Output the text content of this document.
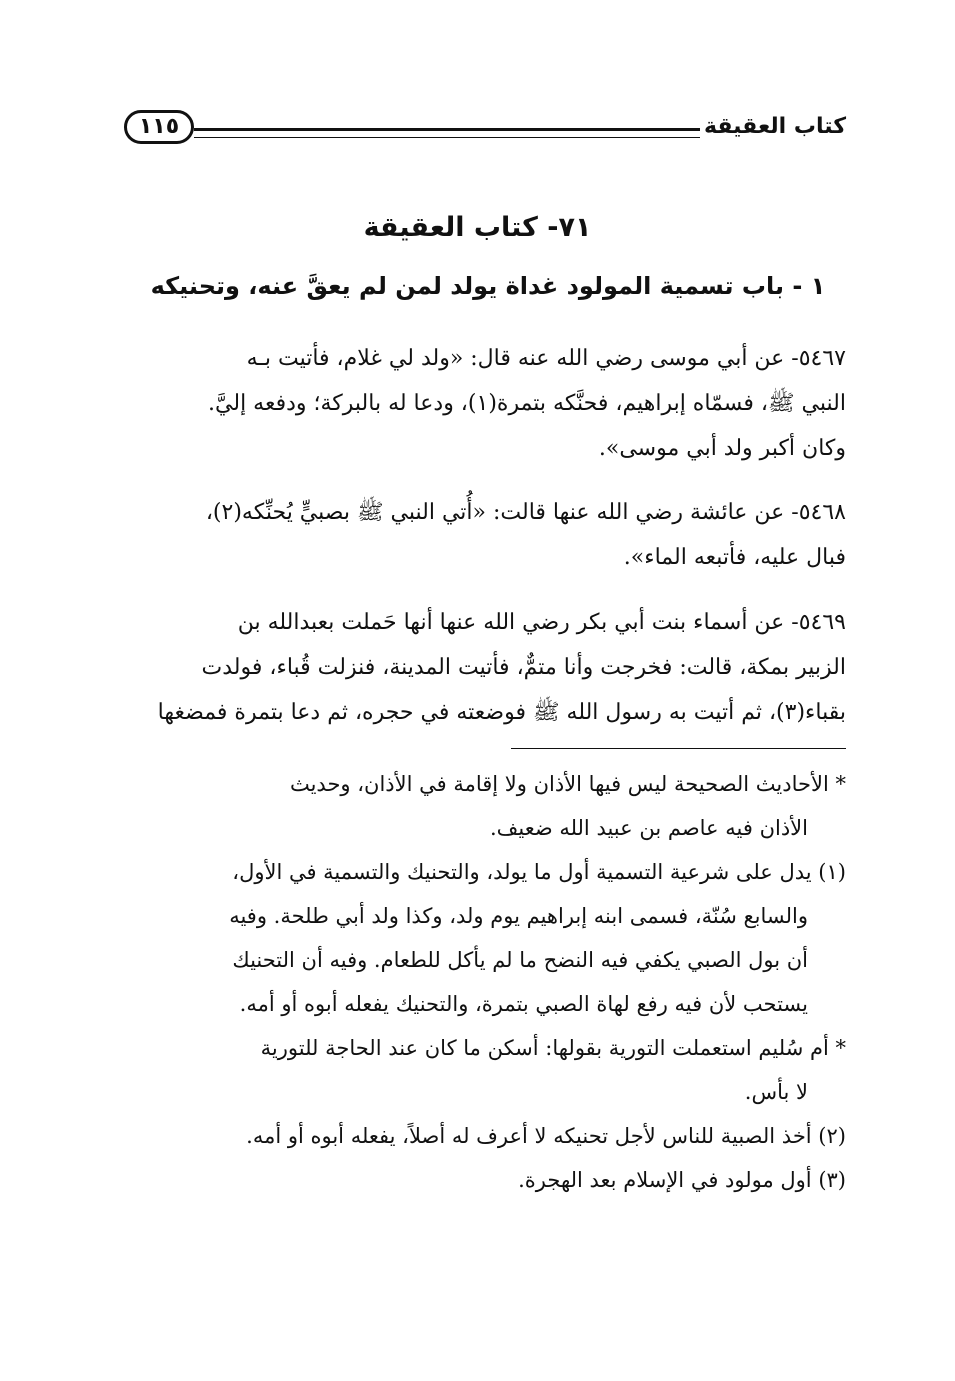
كتاب العقيقة
١١٥
٧١- كتاب العقيقة
١ - باب تسمية المولود غداة يولد لمن لم يعقَّ عنه، وتحنيكه
٥٤٦٧- عن أبي موسى رضي الله عنه قال: «ولد لي غلام، فأتيت بـه
النبي ﷺ، فسمّاه إبراهيم، فحنَّكه بتمرة(١)، ودعا له بالبركة؛ ودفعه إليَّ.
وكان أكبر ولد أبي موسى».
٥٤٦٨- عن عائشة رضي الله عنها قالت: «أُتي النبي ﷺ بصبيٍّ يُحنِّكه(٢)،
فبال عليه، فأتبعه الماء».
٥٤٦٩- عن أسماء بنت أبي بكر رضي الله عنها أنها حَملت بعبدالله بن
الزبير بمكة، قالت: فخرجت وأنا متمٌّ، فأتيت المدينة، فنزلت قُباء، فولدت
بقباء(٣)، ثم أتيت به رسول الله ﷺ فوضعته في حجره، ثم دعا بتمرة فمضغها
* الأحاديث الصحيحة ليس فيها الأذان ولا إقامة في الأذان، وحديث
الأذان فيه عاصم بن عبيد الله ضعيف.
(١) يدل على شرعية التسمية أول ما يولد، والتحنيك والتسمية في الأول،
والسابع سُنّة، فسمى ابنه إبراهيم يوم ولد، وكذا ولد أبي طلحة. وفيه
أن بول الصبي يكفي فيه النضح ما لم يأكل للطعام. وفيه أن التحنيك
يستحب لأن فيه رفع لهاة الصبي بتمرة، والتحنيك يفعله أبوه أو أمه.
* أم سُليم استعملت التورية بقولها: أسكن ما كان عند الحاجة للتورية
لا بأس.
(٢) أخذ الصبية للناس لأجل تحنيكه لا أعرف له أصلاً، يفعله أبوه أو أمه.
(٣) أول مولود في الإسلام بعد الهجرة.
